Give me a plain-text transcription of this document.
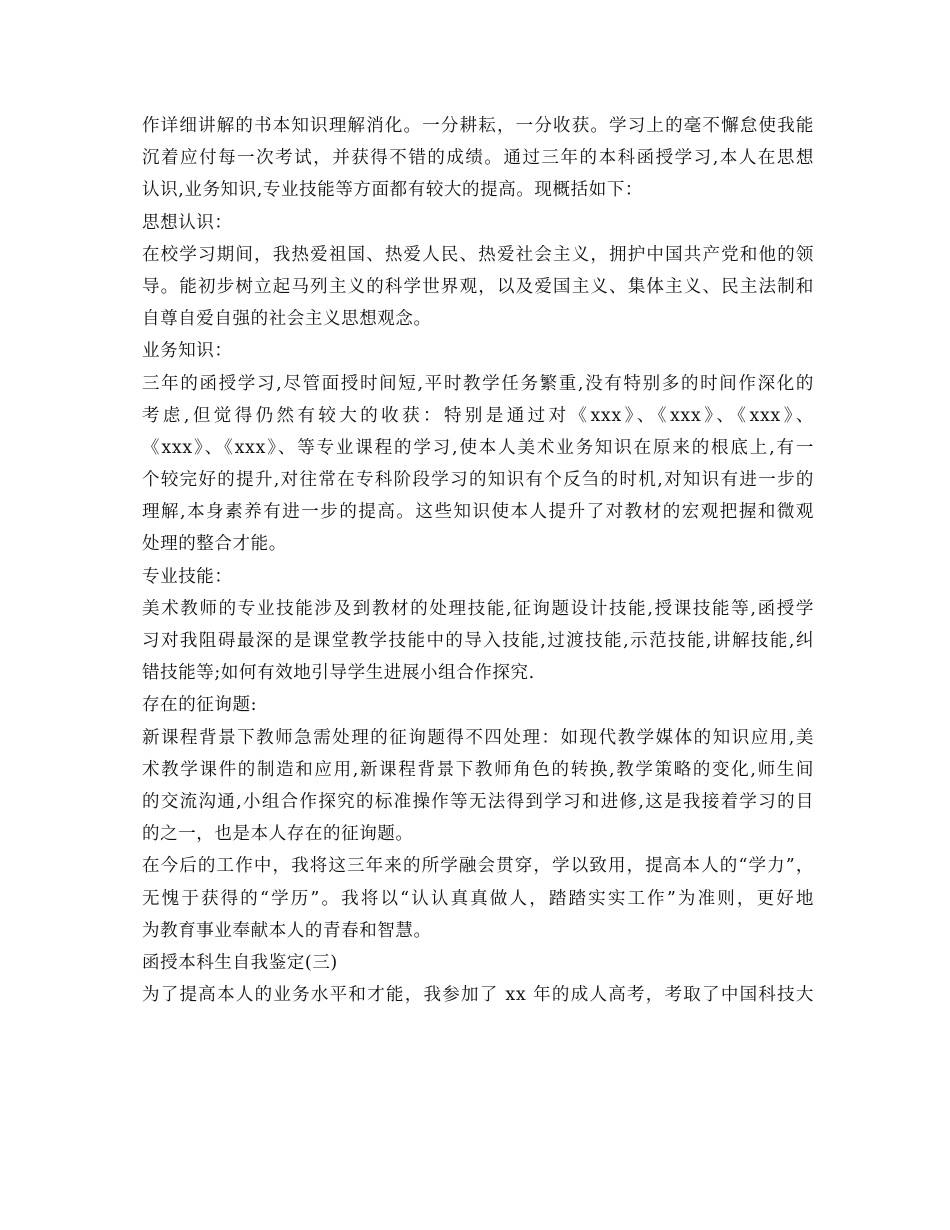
作详细讲解的书本知识理解消化。一分耕耘，一分收获。学习上的毫不懈怠使我能
沉着应付每一次考试，并获得不错的成绩。通过三年的本科函授学习,本人在思想
认识,业务知识,专业技能等方面都有较大的提高。现概括如下：
思想认识：
在校学习期间，我热爱祖国、热爱人民、热爱社会主义，拥护中国共产党和他的领
导。能初步树立起马列主义的科学世界观，以及爱国主义、集体主义、民主法制和
自尊自爱自强的社会主义思想观念。
业务知识：
三年的函授学习,尽管面授时间短,平时教学任务繁重,没有特别多的时间作深化的
考虑,但觉得仍然有较大的收获：特别是通过对《xxx》、《xxx》、《xxx》、
《xxx》、《xxx》、等专业课程的学习,使本人美术业务知识在原来的根底上,有一
个较完好的提升,对往常在专科阶段学习的知识有个反刍的时机,对知识有进一步的
理解,本身素养有进一步的提高。这些知识使本人提升了对教材的宏观把握和微观
处理的整合才能。
专业技能：
美术教师的专业技能涉及到教材的处理技能,征询题设计技能,授课技能等,函授学
习对我阻碍最深的是课堂教学技能中的导入技能,过渡技能,示范技能,讲解技能,纠
错技能等;如何有效地引导学生进展小组合作探究.
存在的征询题:
新课程背景下教师急需处理的征询题得不四处理：如现代教学媒体的知识应用,美
术教学课件的制造和应用,新课程背景下教师角色的转换,教学策略的变化,师生间
的交流沟通,小组合作探究的标准操作等无法得到学习和进修,这是我接着学习的目
的之一，也是本人存在的征询题。
在今后的工作中，我将这三年来的所学融会贯穿，学以致用，提高本人的“学力”，
无愧于获得的“学历”。我将以“认认真真做人，踏踏实实工作”为准则，更好地
为教育事业奉献本人的青春和智慧。
函授本科生自我鉴定(三)
为了提高本人的业务水平和才能，我参加了 xx 年的成人高考，考取了中国科技大
